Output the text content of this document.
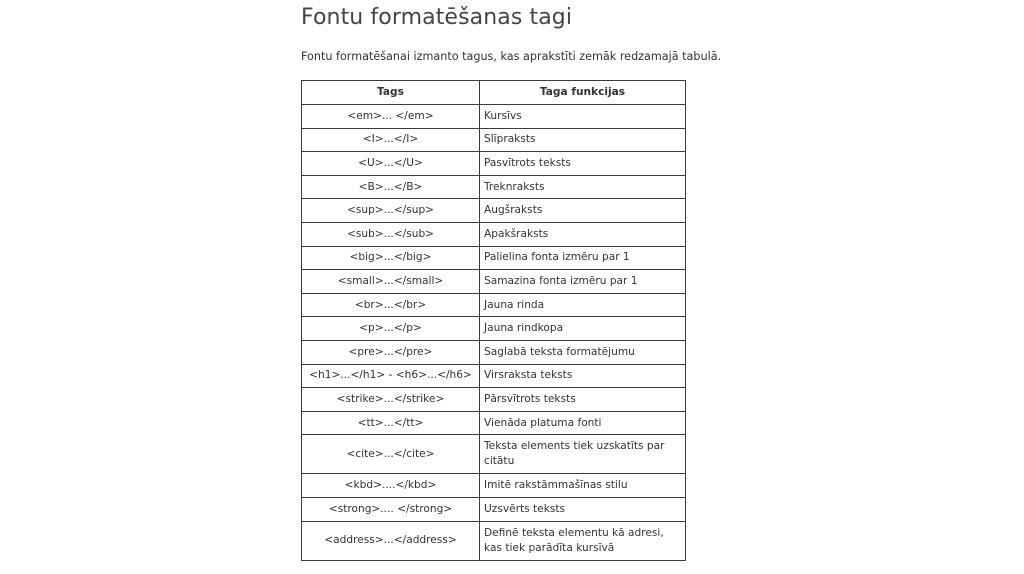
Fontu formatēšanas tagi

Fontu formatēšanai izmanto tagus, kas aprakstīti zemāk redzamajā tabulā.

Tags	Taga funkcijas
<em>... </em>	Kursīvs
<I>...</I>	Slīpraksts
<U>...</U>	Pasvītrots teksts
<B>...</B>	Treknraksts
<sup>...</sup>	Augšraksts
<sub>...</sub>	Apakšraksts
<big>...</big>	Palielina fonta izmēru par 1
<small>...</small>	Samazina fonta izmēru par 1
<br>...</br>	Jauna rinda
<p>...</p>	Jauna rindkopa
<pre>...</pre>	Saglabā teksta formatējumu
<h1>...</h1> - <h6>...</h6>	Virsraksta teksts
<strike>...</strike>	Pārsvītrots teksts
<tt>...</tt>	Vienāda platuma fonti
<cite>...</cite>	Teksta elements tiek uzskatīts par citātu
<kbd>....</kbd>	Imitē rakstāmmašīnas stilu
<strong>.... </strong>	Uzsvērts teksts
<address>...</address>	Definē teksta elementu kā adresi, kas tiek parādīta kursīvā
